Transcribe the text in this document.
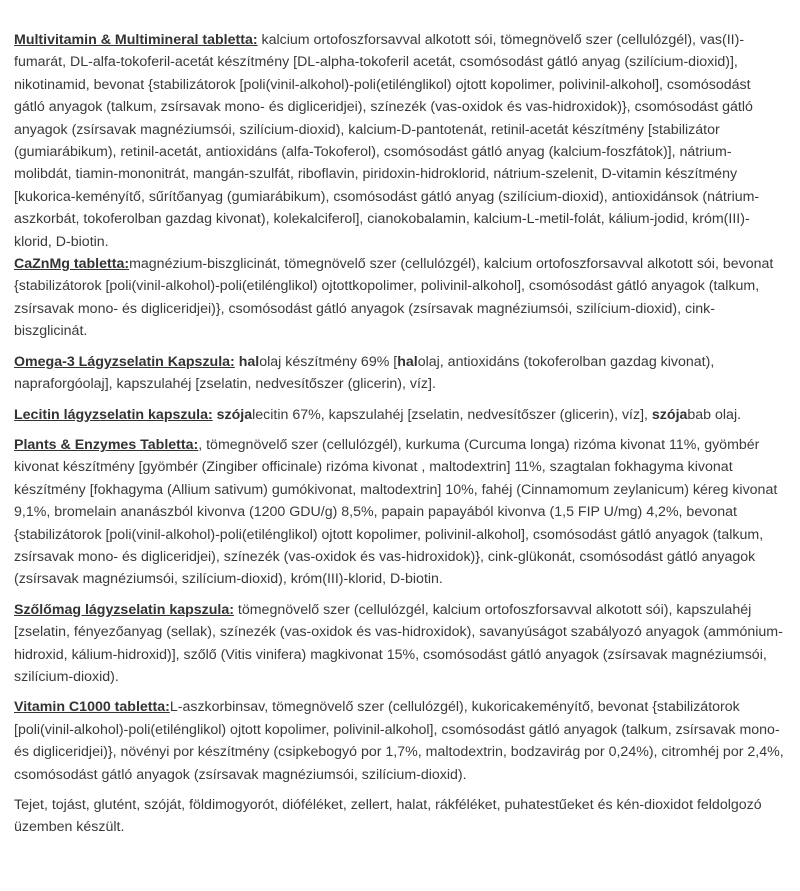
Multivitamin & Multimineral tabletta: kalcium ortofoszforsavval alkotott sói, tömegnövelő szer (cellulózgél), vas(II)-fumarát, DL-alfa-tokoferil-acetát készítmény [DL-alpha-tokoferil acetát, csomósodást gátló anyag (szilícium-dioxid)], nikotinamid, bevonat {stabilizátorok [poli(vinil-alkohol)-poli(etilénglikol) ojtott kopolimer, polivinil-alkohol], csomósodást gátló anyagok (talkum, zsírsavak mono- és digliceridjei), színezék (vas-oxidok és vas-hidroxidok)}, csomósodást gátló anyagok (zsírsavak magnéziumsói, szilícium-dioxid), kalcium-D-pantotenát, retinil-acetát készítmény [stabilizátor (gumiarábikum), retinil-acetát, antioxidáns (alfa-Tokoferol), csomósodást gátló anyag (kalcium-foszfátok)], nátrium-molibdát, tiamin-mononitrát, mangán-szulfát, riboflavin, piridoxin-hidroklorid, nátrium-szelenit, D-vitamin készítmény [kukorica-keményítő, sűrítőanyag (gumiarábikum), csomósodást gátló anyag (szilícium-dioxid), antioxidánsok (nátrium-aszkorbát, tokoferolban gazdag kivonat), kolekalciferol], cianokobalamin, kalcium-L-metil-folát, kálium-jodid, króm(III)-klorid, D-biotin.

CaZnMg tabletta:magnézium-biszglicinát, tömegnövelő szer (cellulózgél), kalcium ortofoszforsavval alkotott sói, bevonat {stabilizátorok [poli(vinil-alkohol)-poli(etilénglikol) ojtottkopolimer, polivinil-alkohol], csomósodást gátló anyagok (talkum, zsírsavak mono- és digliceridjei)}, csomósodást gátló anyagok (zsírsavak magnéziumsói, szilícium-dioxid), cink-biszglicinát.

Omega-3 Lágyzselatin Kapszula: halolaj készítmény 69% [halolaj, antioxidáns (tokoferolban gazdag kivonat), napraforgóolaj], kapszulahéj [zselatin, nedvesítőszer (glicerin), víz].

Lecitin lágyzselatin kapszula: szójalecitin 67%, kapszulahéj [zselatin, nedvesítőszer (glicerin), víz], szójabab olaj.

Plants & Enzymes Tabletta:, tömegnövelő szer (cellulózgél), kurkuma (Curcuma longa) rizóma kivonat 11%, gyömbér kivonat készítmény [gyömbér (Zingiber officinale) rizóma kivonat , maltodextrin] 11%, szagtalan fokhagyma kivonat készítmény [fokhagyma (Allium sativum) gumókivonat, maltodextrin] 10%, fahéj (Cinnamomum zeylanicum) kéreg kivonat 9,1%, bromelain ananászból kivonva (1200 GDU/g) 8,5%, papain papayából kivonva (1,5 FIP U/mg) 4,2%, bevonat {stabilizátorok [poli(vinil-alkohol)-poli(etilénglikol) ojtott kopolimer, polivinil-alkohol], csomósodást gátló anyagok (talkum, zsírsavak mono- és digliceridjei), színezék (vas-oxidok és vas-hidroxidok)}, cink-glükonát, csomósodást gátló anyagok (zsírsavak magnéziumsói, szilícium-dioxid), króm(III)-klorid, D-biotin.

Szőlőmag lágyzselatin kapszula: tömegnövelő szer (cellulózgél, kalcium ortofoszforsavval alkotott sói), kapszulahéj [zselatin, fényezőanyag (sellak), színezék (vas-oxidok és vas-hidroxidok), savanyúságot szabályozó anyagok (ammónium-hidroxid, kálium-hidroxid)], szőlő (Vitis vinifera) magkivonat 15%, csomósodást gátló anyagok (zsírsavak magnéziumsói, szilícium-dioxid).

Vitamin C1000 tabletta:L-aszkorbinsav, tömegnövelő szer (cellulózgél), kukoricakeményítő, bevonat {stabilizátorok [poli(vinil-alkohol)-poli(etilénglikol) ojtott kopolimer, polivinil-alkohol], csomósodást gátló anyagok (talkum, zsírsavak mono- és digliceridjei)}, növényi por készítmény (csipkebogyó por 1,7%, maltodextrin, bodzavirág por 0,24%), citromhéj por 2,4%, csomósodást gátló anyagok (zsírsavak magnéziumsói, szilícium-dioxid).

Tejet, tojást, glutént, szóját, földimogyorót, dióféléket, zellert, halat, rákféléket, puhatestűeket és kén-dioxidot feldolgozó üzemben készült.
